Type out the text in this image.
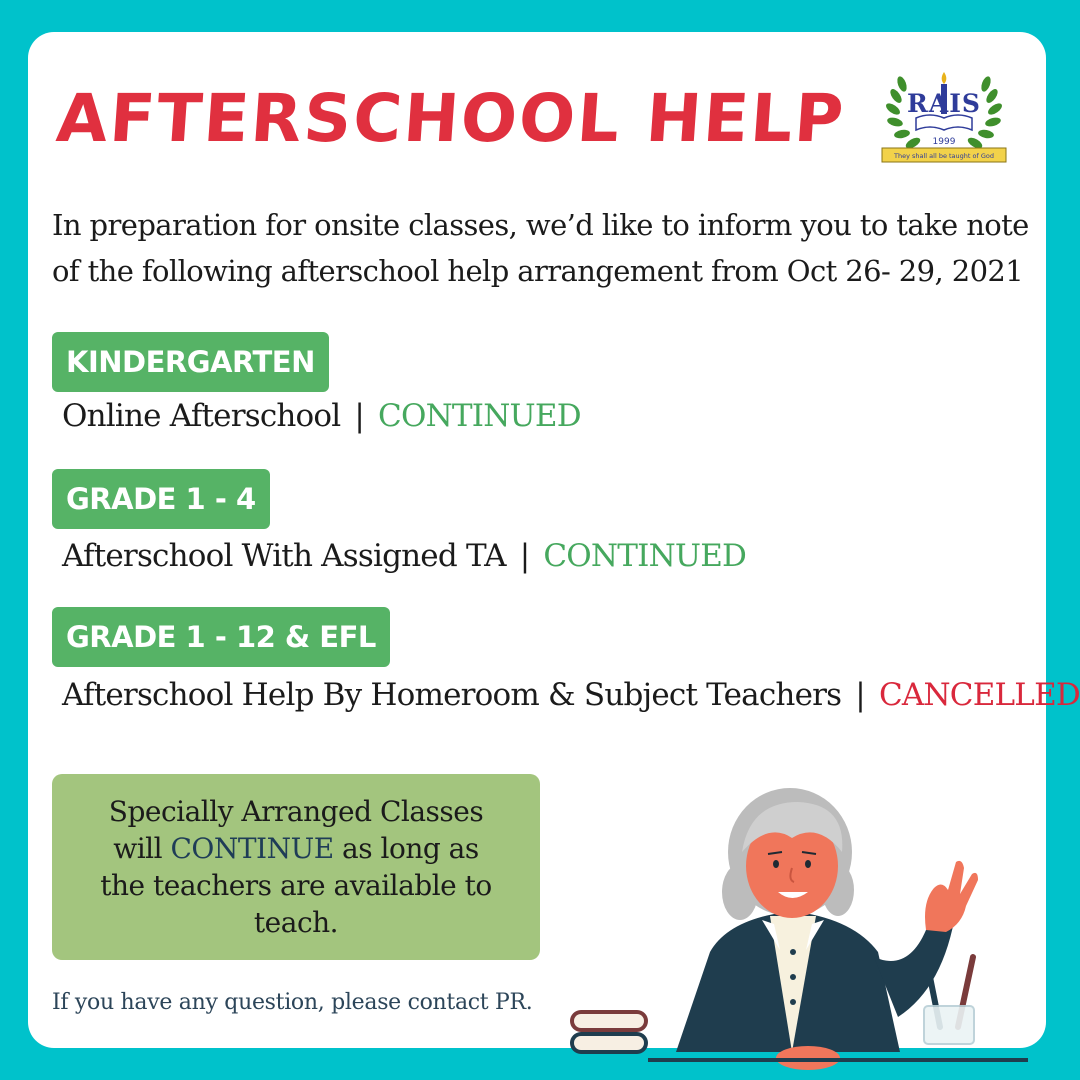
AFTERSCHOOL HELP RAIS
1999
They shall all be taught of God

In preparation for onsite classes, we’d like to inform you to take note of the following afterschool help arrangement from Oct 26- 29, 2021

KINDERGARTEN
Online Afterschool | CONTINUED
GRADE 1 - 4
Afterschool With Assigned TA | CONTINUED
GRADE 1 - 12 & EFL
Afterschool Help By Homeroom & Subject Teachers | CANCELLED

Specially Arranged Classes will CONTINUE as long as the teachers are available to teach.

If you have any question, please contact PR.
